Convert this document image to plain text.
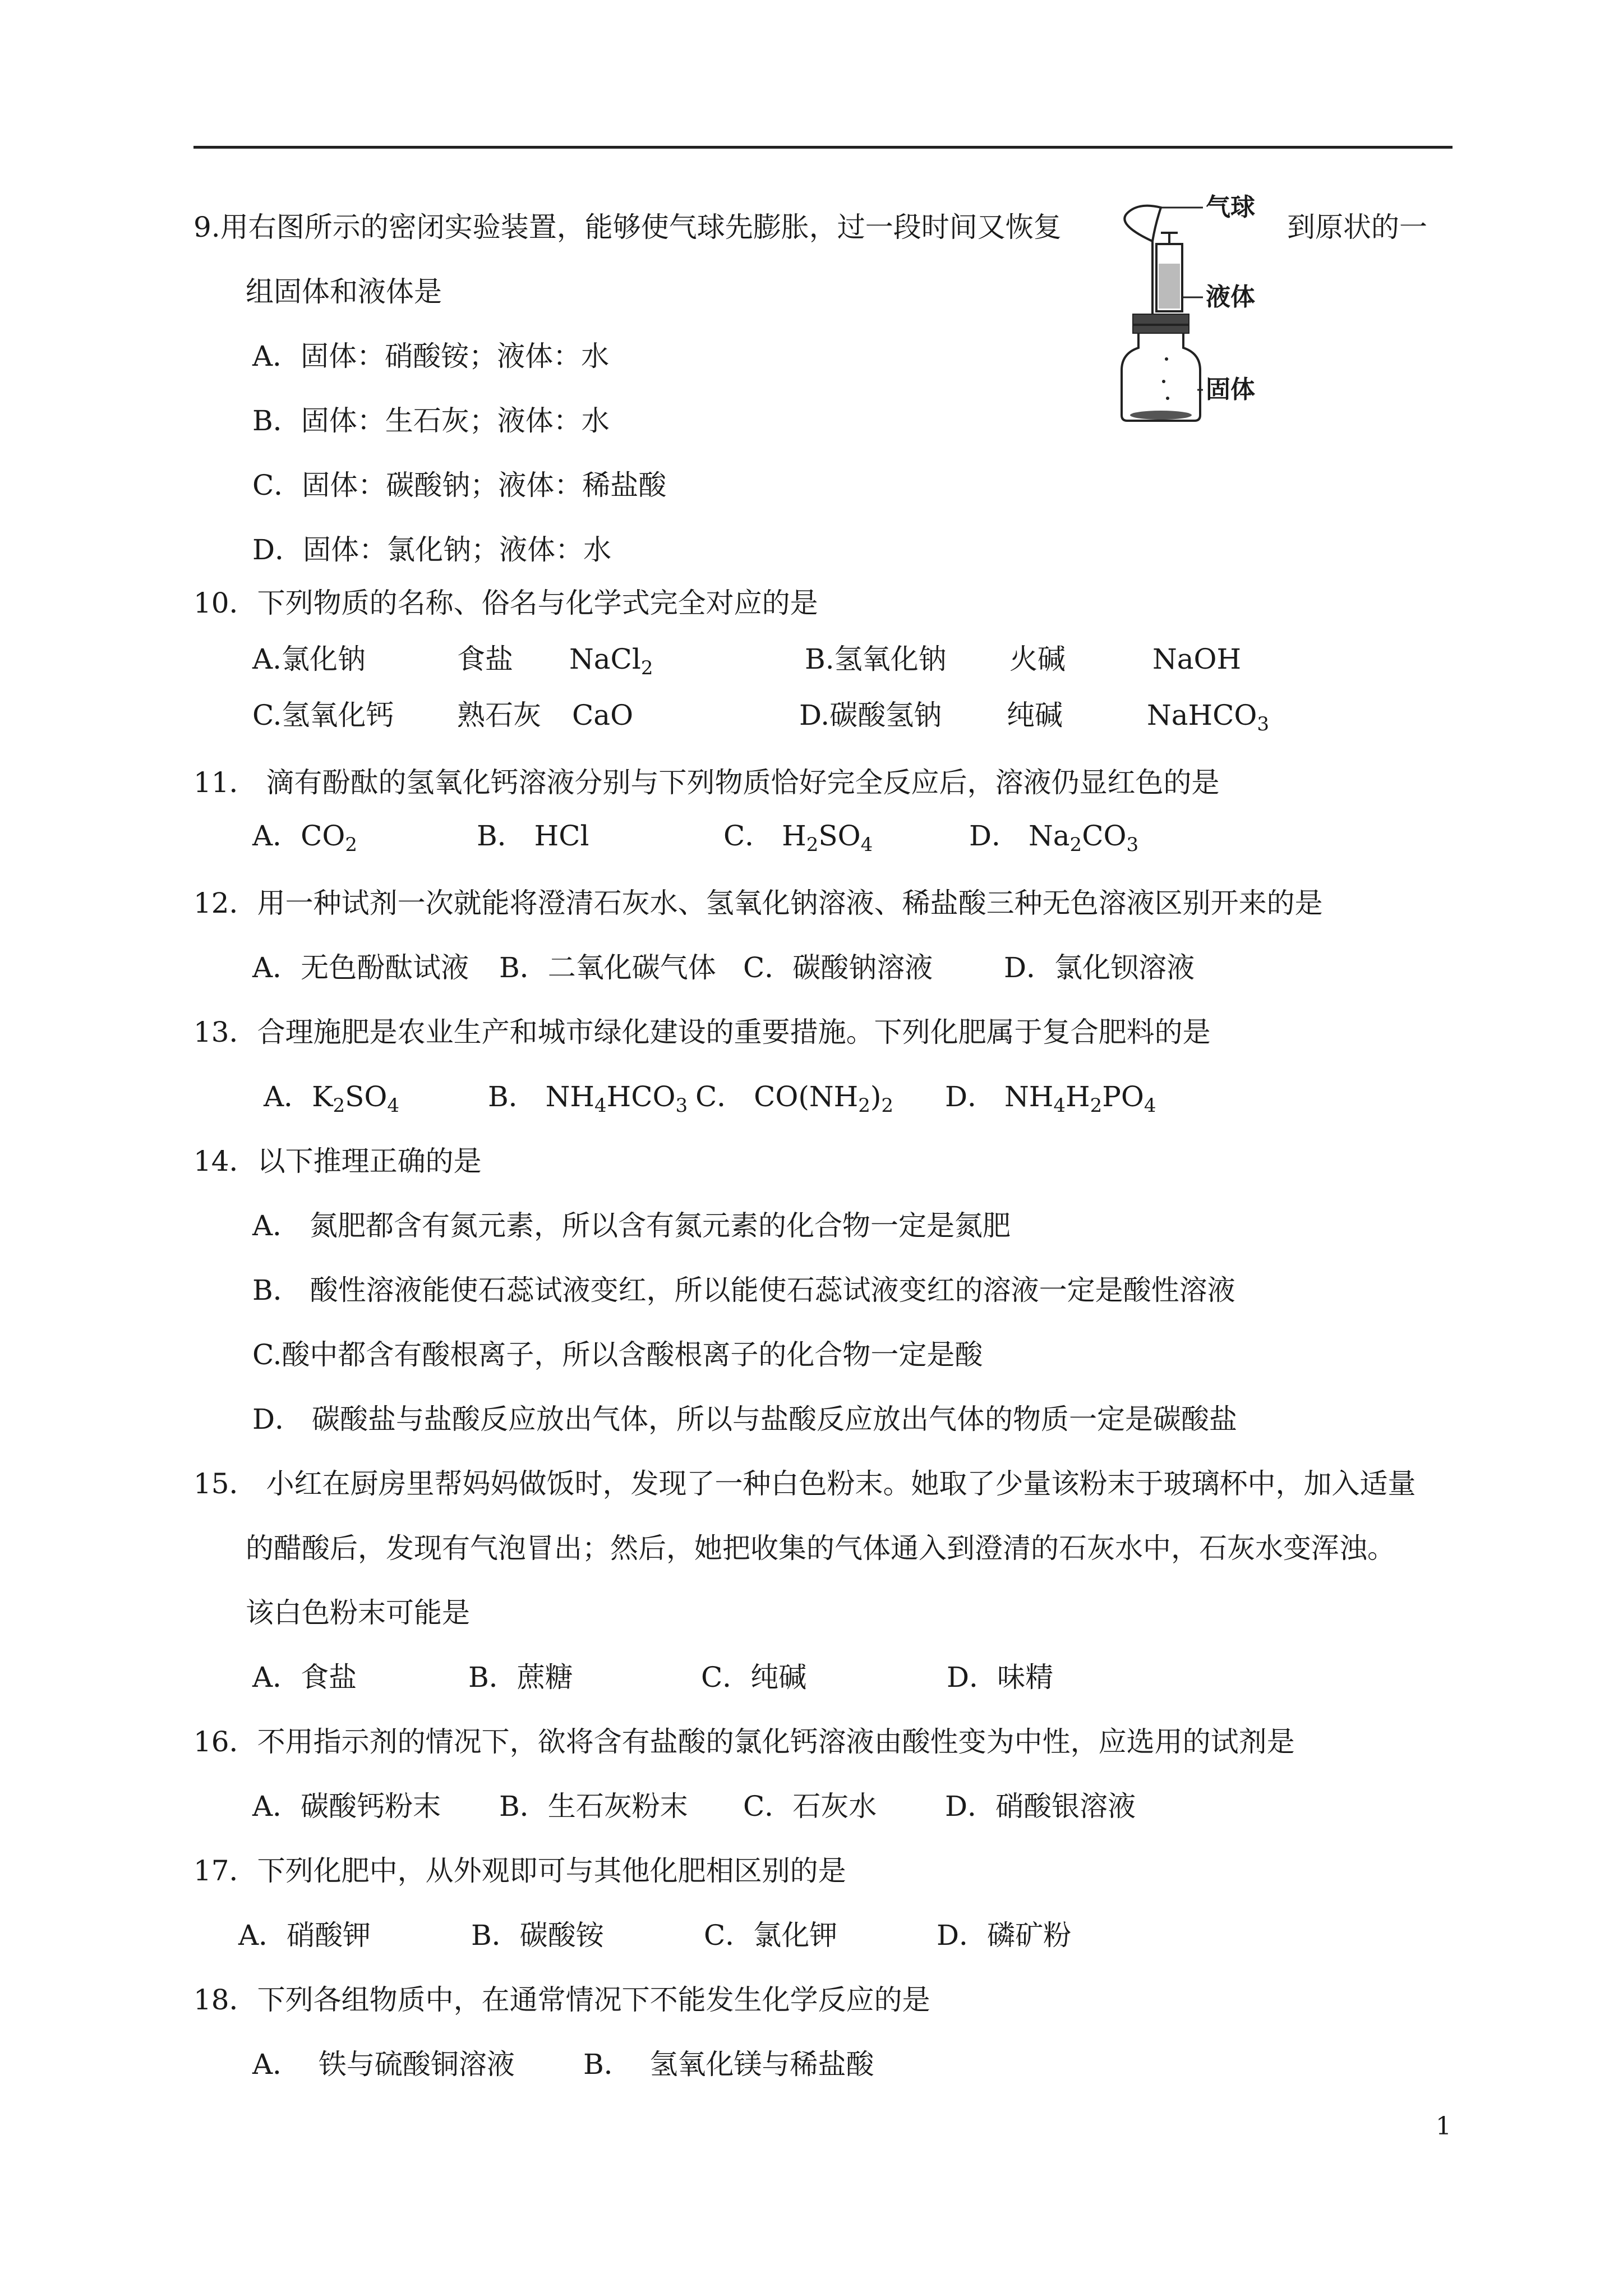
9.用右图所示的密闭实验装置，能够使气球先膨胀，过一段时间又恢复	到原状的一
组固体和液体是
A．固体：硝酸铵；液体：水
B．固体：生石灰；液体：水
C．固体：碳酸钠；液体：稀盐酸
D．固体：氯化钠；液体：水
气球
液体
固体
10．下列物质的名称、俗名与化学式完全对应的是
A.氯化钠	食盐 NaCl$_2$	B.氢氧化钠 火碱	NaOH
C.氢氧化钙 熟石灰 CaO	D.碳酸氢钠 纯碱	NaHCO$_3$
11． 滴有酚酞的氢氧化钙溶液分别与下列物质恰好完全反应后，溶液仍显红色的是
A．$CO_2$	B． HCl	C． $H_2SO_4$	D． $Na_2CO_3$
12．用一种试剂一次就能将澄清石灰水、氢氧化钠溶液、稀盐酸三种无色溶液区别开来的是
A．无色酚酞试液 B．二氧化碳气体 C．碳酸钠溶液	D．氯化钡溶液
13．合理施肥是农业生产和城市绿化建设的重要措施。下列化肥属于复合肥料的是
A．$K_2SO_4$	B． $NH_4HCO_3$ C． $CO(NH_2)_2$ D． $NH_4H_2PO_4$
14．以下推理正确的是
A． 氮肥都含有氮元素，所以含有氮元素的化合物一定是氮肥
B． 酸性溶液能使石蕊试液变红，所以能使石蕊试液变红的溶液一定是酸性溶液
C.酸中都含有酸根离子，所以含酸根离子的化合物一定是酸
D． 碳酸盐与盐酸反应放出气体，所以与盐酸反应放出气体的物质一定是碳酸盐
15． 小红在厨房里帮妈妈做饭时，发现了一种白色粉末。她取了少量该粉末于玻璃杯中，加入适量
的醋酸后，发现有气泡冒出；然后，她把收集的气体通入到澄清的石灰水中，石灰水变浑浊。
该白色粉末可能是
A．食盐	B．蔗糖	C．纯碱	D．味精
16．不用指示剂的情况下，欲将含有盐酸的氯化钙溶液由酸性变为中性，应选用的试剂是
A．碳酸钙粉末 B．生石灰粉末 C．石灰水 D．硝酸银溶液
17．下列化肥中，从外观即可与其他化肥相区别的是
A．硝酸钾	B．碳酸铵	C．氯化钾	D．磷矿粉
18．下列各组物质中，在通常情况下不能发生化学反应的是
A．  铁与硫酸铜溶液 B．  氢氧化镁与稀盐酸
1
